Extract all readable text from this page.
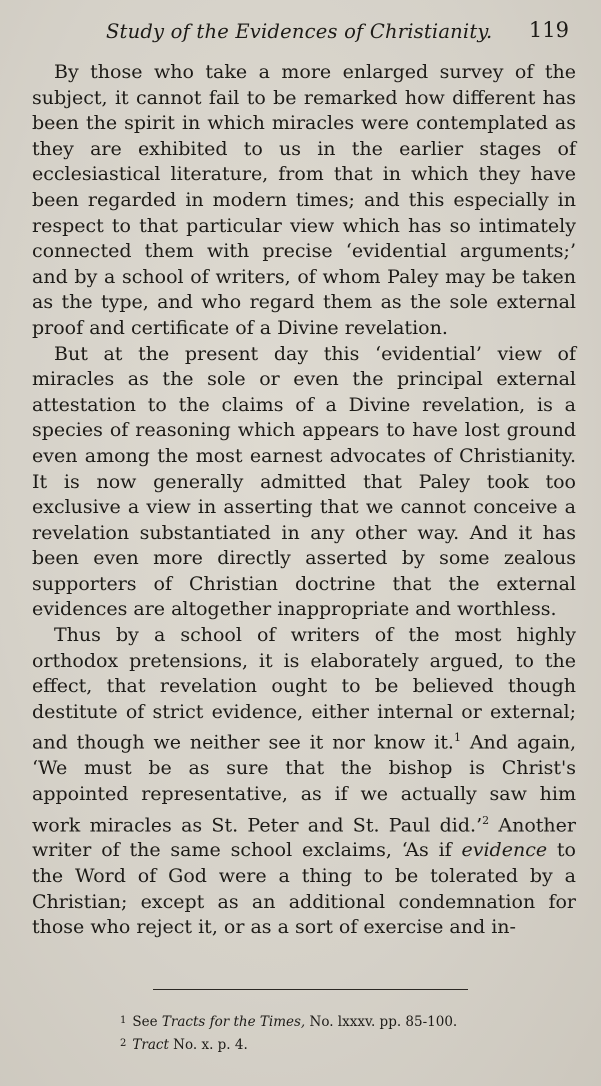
Study of the Evidences of Christianity. 119

By those who take a more enlarged survey of the subject, it cannot fail to be remarked how different has been the spirit in which miracles were contemplated as they are exhibited to us in the earlier stages of ecclesiastical literature, from that in which they have been regarded in modern times; and this especially in respect to that particular view which has so intimately connected them with precise ‘evidential arguments;’ and by a school of writers, of whom Paley may be taken as the type, and who regard them as the sole external proof and certificate of a Divine revelation.

But at the present day this ‘evidential’ view of miracles as the sole or even the principal external attestation to the claims of a Divine revelation, is a species of reasoning which appears to have lost ground even among the most earnest advocates of Christianity. It is now generally admitted that Paley took too exclusive a view in asserting that we cannot conceive a revelation substantiated in any other way. And it has been even more directly asserted by some zealous supporters of Christian doctrine that the external evidences are altogether inappropriate and worthless.

Thus by a school of writers of the most highly orthodox pretensions, it is elaborately argued, to the effect, that revelation ought to be believed though destitute of strict evidence, either internal or external; and though we neither see it nor know it.$^1$ And again, ‘We must be as sure that the bishop is Christ's appointed representative, as if we actually saw him work miracles as St. Peter and St. Paul did.’$^2$ Another writer of the same school exclaims, ‘As if evidence to the Word of God were a thing to be tolerated by a Christian; except as an additional condemnation for those who reject it, or as a sort of exercise and in-

$^1$ See Tracts for the Times, No. lxxxv. pp. 85-100.

$^2$ Tract No. x. p. 4.
